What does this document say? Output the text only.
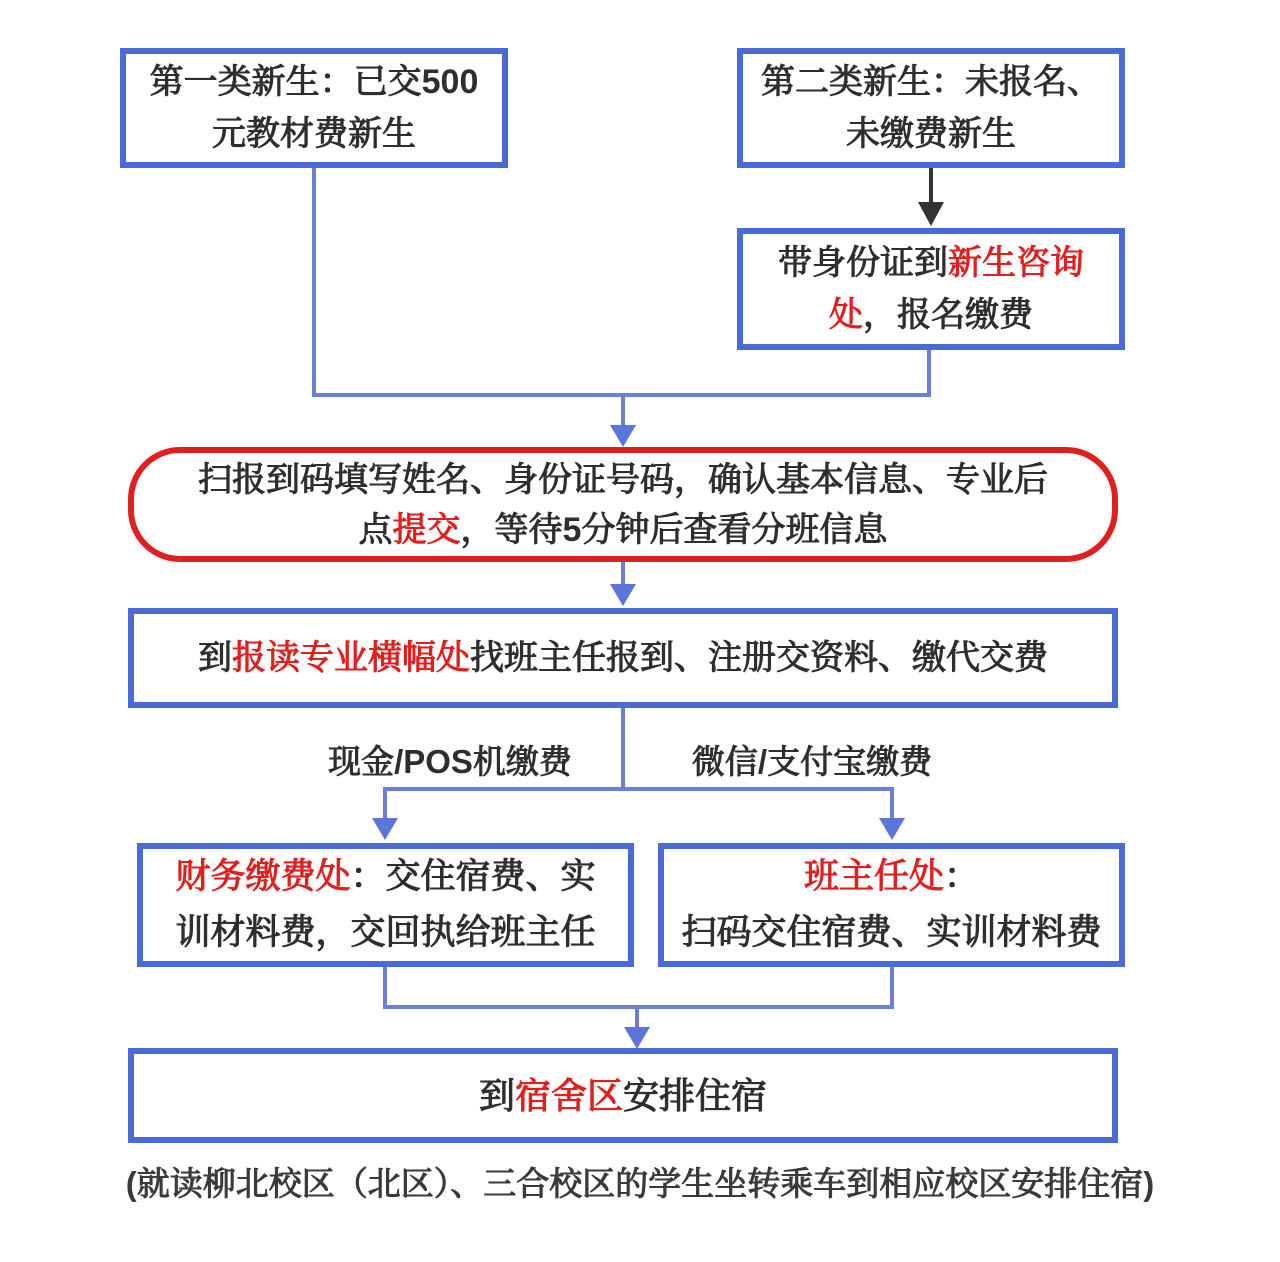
第一类新生：已交500
元教材费新生
第二类新生：未报名、
未缴费新生
带身份证到新生咨询
处，报名缴费
扫报到码填写姓名、身份证号码，确认基本信息、专业后
点提交，等待5分钟后查看分班信息
到报读专业横幅处找班主任报到、注册交资料、缴代交费
现金/POS机缴费	微信/支付宝缴费
财务缴费处：交住宿费、实
训材料费，交回执给班主任
班主任处：
扫码交住宿费、实训材料费
到宿舍区安排住宿
(就读柳北校区（北区）、三合校区的学生坐转乘车到相应校区安排住宿)
